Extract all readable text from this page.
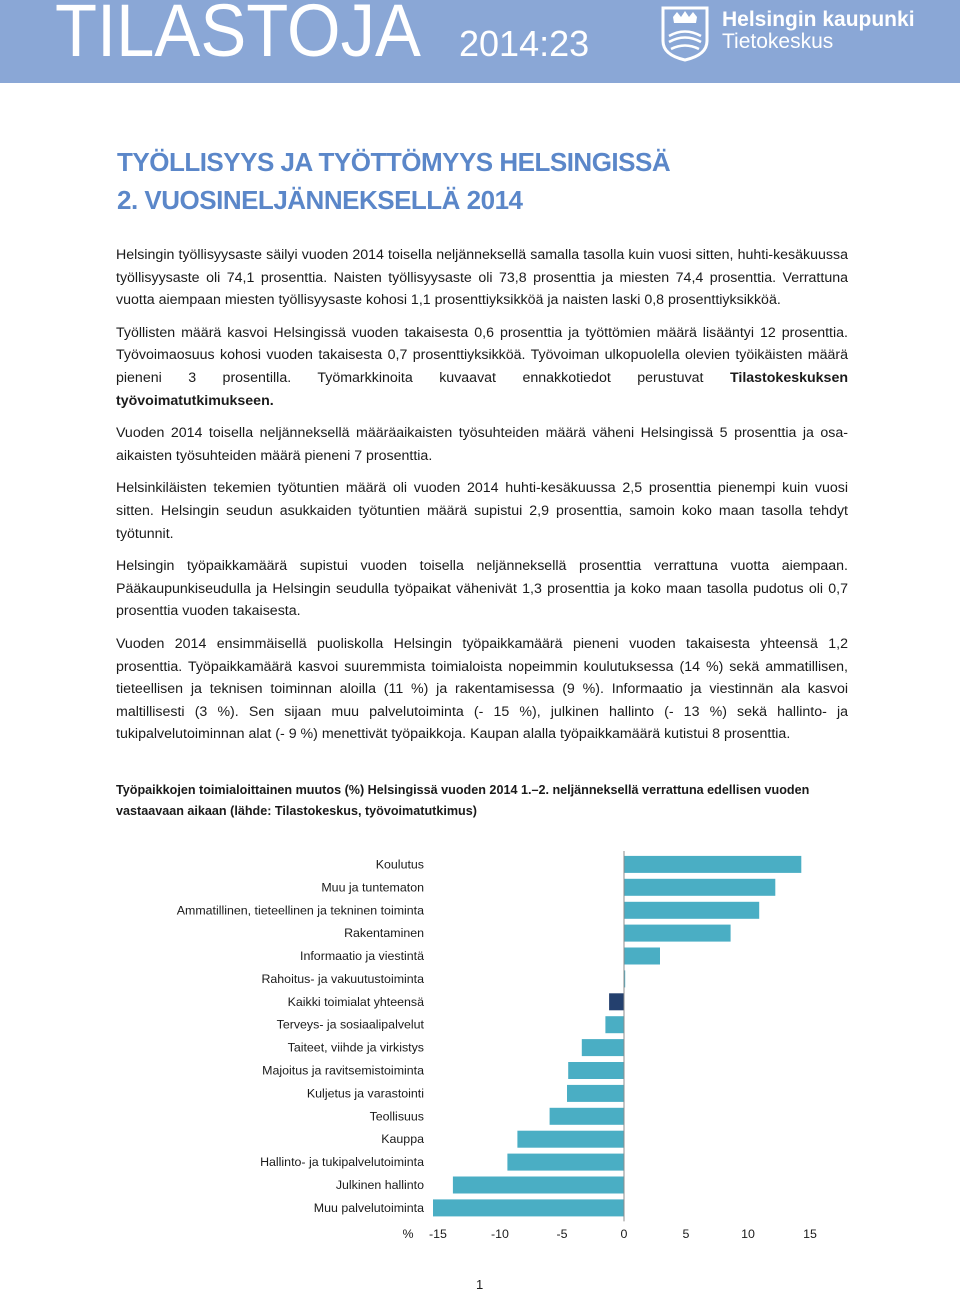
TILASTOJA 2014:23
Helsingin kaupunki
Tietokeskus
TYÖLLISYYS JA TYÖTTÖMYYS HELSINGISSÄ
2. VUOSINELJÄNNEKSELLÄ 2014

Helsingin työllisyysaste säilyi vuoden 2014 toisella neljänneksellä samalla tasolla kuin vuosi sitten, huhti-kesäkuussa työllisyysaste oli 74,1 prosenttia. Naisten työllisyysaste oli 73,8 prosenttia ja miesten 74,4 prosenttia. Verrattuna vuotta aiempaan miesten työllisyysaste kohosi 1,1 prosenttiyksikköä ja naisten laski 0,8 prosenttiyksikköä.

Työllisten määrä kasvoi Helsingissä vuoden takaisesta 0,6 prosenttia ja työttömien määrä lisääntyi 12 prosenttia. Työvoimaosuus kohosi vuoden takaisesta 0,7 prosenttiyksikköä. Työvoiman ulkopuolella olevien työikäisten määrä pieneni 3 prosentilla. Työmarkkinoita kuvaavat ennakkotiedot perustuvat Tilastokeskuksen työvoimatutkimukseen.

Vuoden 2014 toisella neljänneksellä määräaikaisten työsuhteiden määrä väheni Helsingissä 5 prosenttia ja osa-aikaisten työsuhteiden määrä pieneni 7 prosenttia.

Helsinkiläisten tekemien työtuntien määrä oli vuoden 2014 huhti-kesäkuussa 2,5 prosenttia pienempi kuin vuosi sitten. Helsingin seudun asukkaiden työtuntien määrä supistui 2,9 prosenttia, samoin koko maan tasolla tehdyt työtunnit.

Helsingin työpaikkamäärä supistui vuoden toisella neljänneksellä prosenttia verrattuna vuotta aiempaan. Pääkaupunkiseudulla ja Helsingin seudulla työpaikat vähenivät 1,3 prosenttia ja koko maan tasolla pudotus oli 0,7 prosenttia vuoden takaisesta.

Vuoden 2014 ensimmäisellä puoliskolla Helsingin työpaikkamäärä pieneni vuoden takaisesta yhteensä 1,2 prosenttia. Työpaikkamäärä kasvoi suuremmista toimialoista nopeimmin koulutuksessa (14 %) sekä ammatillisen, tieteellisen ja teknisen toiminnan aloilla (11 %) ja rakentamisessa (9 %). Informaatio ja viestinnän ala kasvoi maltillisesti (3 %). Sen sijaan muu palvelutoiminta (- 15 %), julkinen hallinto (- 13 %) sekä hallinto- ja tukipalvelutoiminnan alat (- 9 %) menettivät työpaikkoja. Kaupan alalla työpaikkamäärä kutistui 8 prosenttia.

Työpaikkojen toimialoittainen muutos (%) Helsingissä vuoden 2014 1.–2. neljänneksellä verrattuna edellisen vuoden vastaavaan aikaan (lähde: Tilastokeskus, työvoimatutkimus)
Koulutus
Muu ja tuntematon
Ammatillinen, tieteellinen ja tekninen toiminta
Rakentaminen
Informaatio ja viestintä
Rahoitus- ja vakuutustoiminta
Kaikki toimialat yhteensä
Terveys- ja sosiaalipalvelut
Taiteet, viihde ja virkistys
Majoitus ja ravitsemistoiminta
Kuljetus ja varastointi
Teollisuus
Kauppa
Hallinto- ja tukipalvelutoiminta
Julkinen hallinto
Muu palvelutoiminta
% -15	-10	-5	0	5	10	15
1
